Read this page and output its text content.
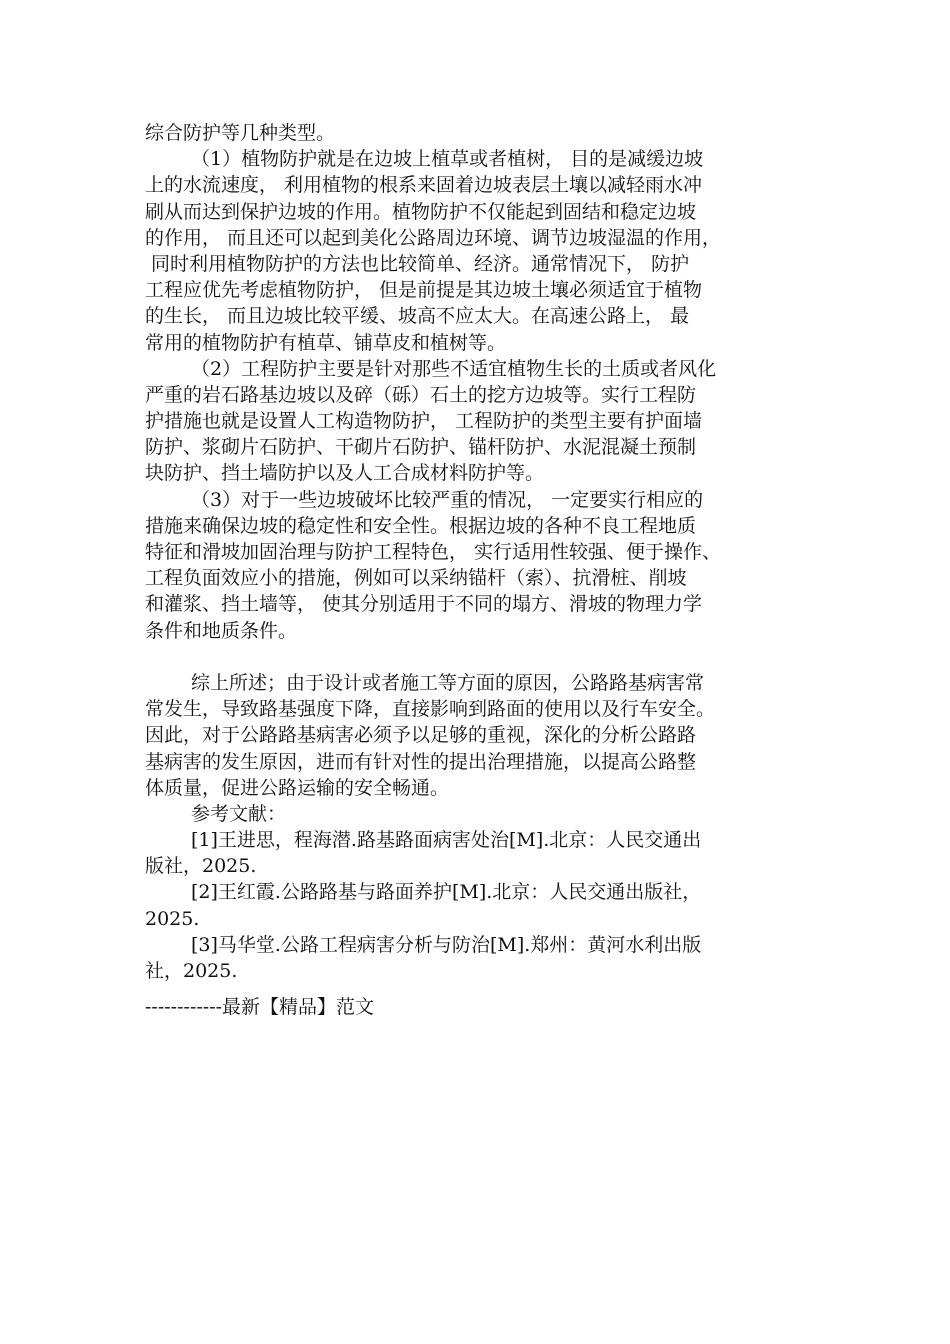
综合防护等几种类型。
（1）植物防护就是在边坡上植草或者植树， 目的是减缓边坡
上的水流速度， 利用植物的根系来固着边坡表层土壤以减轻雨水冲
刷从而达到保护边坡的作用。植物防护不仅能起到固结和稳定边坡
的作用， 而且还可以起到美化公路周边环境、调节边坡湿温的作用，
同时利用植物防护的方法也比较简单、经济。通常情况下， 防护
工程应优先考虑植物防护， 但是前提是其边坡土壤必须适宜于植物
的生长， 而且边坡比较平缓、坡高不应太大。在高速公路上， 最
常用的植物防护有植草、铺草皮和植树等。
（2）工程防护主要是针对那些不适宜植物生长的土质或者风化
严重的岩石路基边坡以及碎（砾）石土的挖方边坡等。实行工程防
护措施也就是设置人工构造物防护， 工程防护的类型主要有护面墙
防护、浆砌片石防护、干砌片石防护、锚杆防护、水泥混凝土预制
块防护、挡土墙防护以及人工合成材料防护等。
（3）对于一些边坡破坏比较严重的情况， 一定要实行相应的
措施来确保边坡的稳定性和安全性。根据边坡的各种不良工程地质
特征和滑坡加固治理与防护工程特色， 实行适用性较强、便于操作、
工程负面效应小的措施，例如可以采纳锚杆（索）、抗滑桩、削坡
和灌浆、挡土墙等， 使其分别适用于不同的塌方、滑坡的物理力学
条件和地质条件。
综上所述；由于设计或者施工等方面的原因，公路路基病害常
常发生，导致路基强度下降，直接影响到路面的使用以及行车安全。
因此，对于公路路基病害必须予以足够的重视，深化的分析公路路
基病害的发生原因，进而有针对性的提出治理措施，以提高公路整
体质量，促进公路运输的安全畅通。
参考文献：
[1]王进思，程海潜.路基路面病害处治[M].北京：人民交通出
版社，2025.
[2]王红霞.公路路基与路面养护[M].北京：人民交通出版社，
2025.
[3]马华堂.公路工程病害分析与防治[M].郑州：黄河水利出版
社，2025.
------------最新【精品】范文
